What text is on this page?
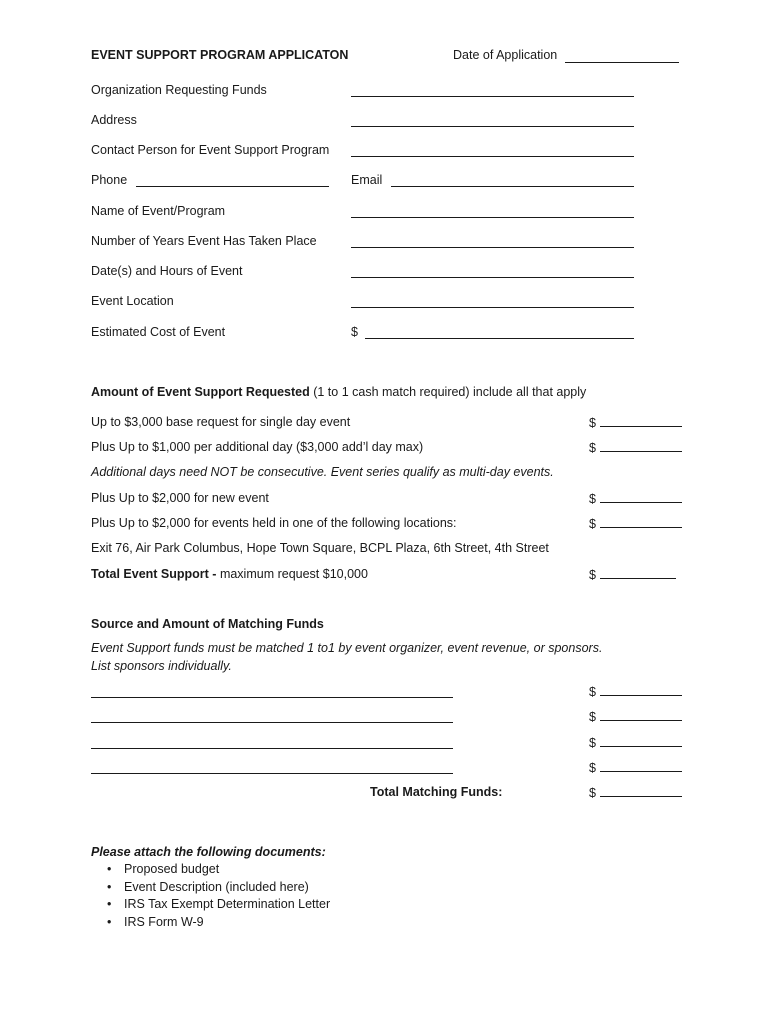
EVENT SUPPORT PROGRAM APPLICATON	Date of Application
Organization Requesting Funds
Address
Contact Person for Event Support Program
Phone	Email
Name of Event/Program
Number of Years Event Has Taken Place
Date(s) and Hours of Event
Event Location
Estimated Cost of Event	$
Amount of Event Support Requested (1 to 1 cash match required) include all that apply
Up to $3,000 base request for single day event	$
Plus Up to $1,000 per additional day ($3,000 add’l day max)	$
Additional days need NOT be consecutive. Event series qualify as multi-day events.
Plus Up to $2,000 for new event	$
Plus Up to $2,000 for events held in one of the following locations:	$
Exit 76, Air Park Columbus, Hope Town Square, BCPL Plaza, 6th Street, 4th Street
Total Event Support - maximum request $10,000	$
Source and Amount of Matching Funds
Event Support funds must be matched 1 to1 by event organizer, event revenue, or sponsors.
List sponsors individually.
$
$
$
$
Total Matching Funds:	$
Please attach the following documents:
• Proposed budget
• Event Description (included here)
• IRS Tax Exempt Determination Letter
• IRS Form W-9
